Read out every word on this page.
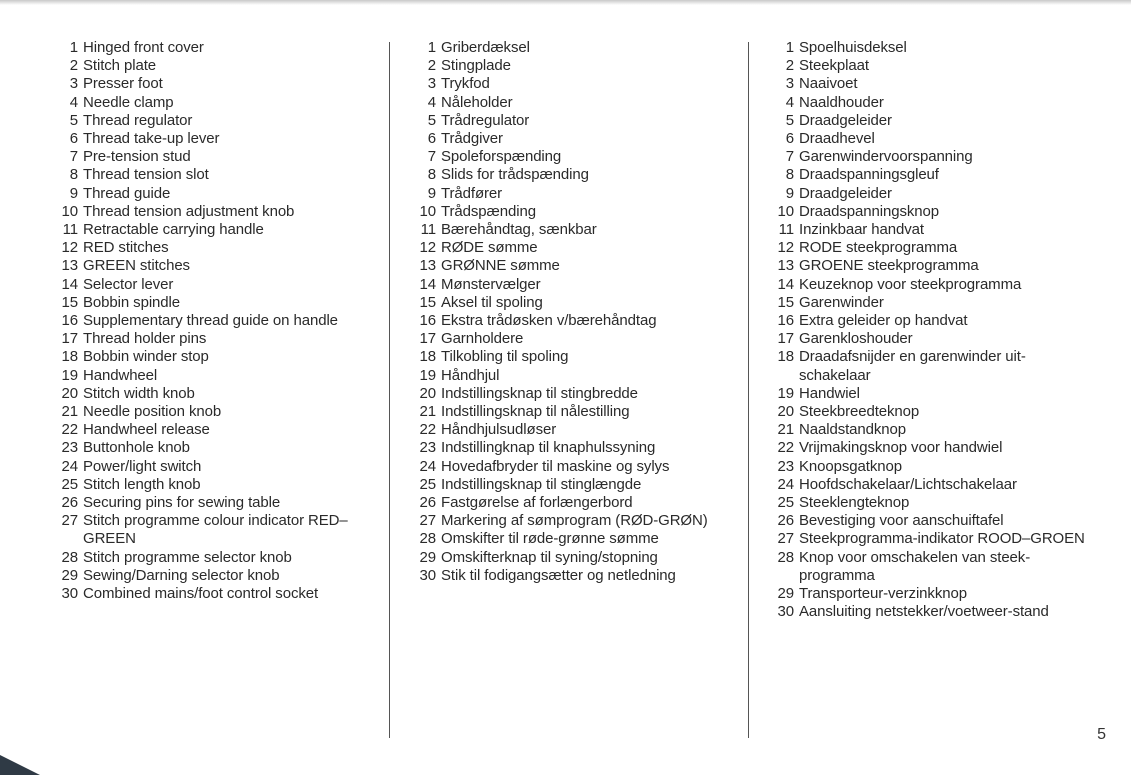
1 Hinged front cover
2 Stitch plate
3 Presser foot
4 Needle clamp
5 Thread regulator
6 Thread take-up lever
7 Pre-tension stud
8 Thread tension slot
9 Thread guide
10 Thread tension adjustment knob
11 Retractable carrying handle
12 RED stitches
13 GREEN stitches
14 Selector lever
15 Bobbin spindle
16 Supplementary thread guide on handle
17 Thread holder pins
18 Bobbin winder stop
19 Handwheel
20 Stitch width knob
21 Needle position knob
22 Handwheel release
23 Buttonhole knob
24 Power/light switch
25 Stitch length knob
26 Securing pins for sewing table
27 Stitch programme colour indicator RED–GREEN
28 Stitch programme selector knob
29 Sewing/Darning selector knob
30 Combined mains/foot control socket
1 Griberdæksel
2 Stingplade
3 Trykfod
4 Nåleholder
5 Trådregulator
6 Trådgiver
7 Spoleforspænding
8 Slids for trådspænding
9 Trådfører
10 Trådspænding
11 Bærehåndtag, sænkbar
12 RØDE sømme
13 GRØNNE sømme
14 Mønstervælger
15 Aksel til spoling
16 Ekstra trådøsken v/bærehåndtag
17 Garnholdere
18 Tilkobling til spoling
19 Håndhjul
20 Indstillingsknap til stingbredde
21 Indstillingsknap til nålestilling
22 Håndhjulsudløser
23 Indstillingknap til knaphulssyning
24 Hovedafbryder til maskine og sylys
25 Indstillingsknap til stinglængde
26 Fastgørelse af forlængerbord
27 Markering af sømprogram (RØD-GRØN)
28 Omskifter til røde-grønne sømme
29 Omskifterknap til syning/stopning
30 Stik til fodigangsætter og netledning
1 Spoelhuisdeksel
2 Steekplaat
3 Naaivoet
4 Naaldhouder
5 Draadgeleider
6 Draadhevel
7 Garenwindervoorspanning
8 Draadspanningsgleuf
9 Draadgeleider
10 Draadspanningsknop
11 Inzinkbaar handvat
12 RODE steekprogramma
13 GROENE steekprogramma
14 Keuzeknop voor steekprogramma
15 Garenwinder
16 Extra geleider op handvat
17 Garenkloshouder
18 Draadafsnijder en garenwinder uit-schakelaar
19 Handwiel
20 Steekbreedteknop
21 Naaldstandknop
22 Vrijmakingsknop voor handwiel
23 Knoopsgatknop
24 Hoofdschakelaar/Lichtschakelaar
25 Steeklengteknop
26 Bevestiging voor aanschuiftafel
27 Steekprogramma-indikator ROOD–GROEN
28 Knop voor omschakelen van steek-programma
29 Transporteur-verzinkknop
30 Aansluiting netstekker/voetweer-stand
5
